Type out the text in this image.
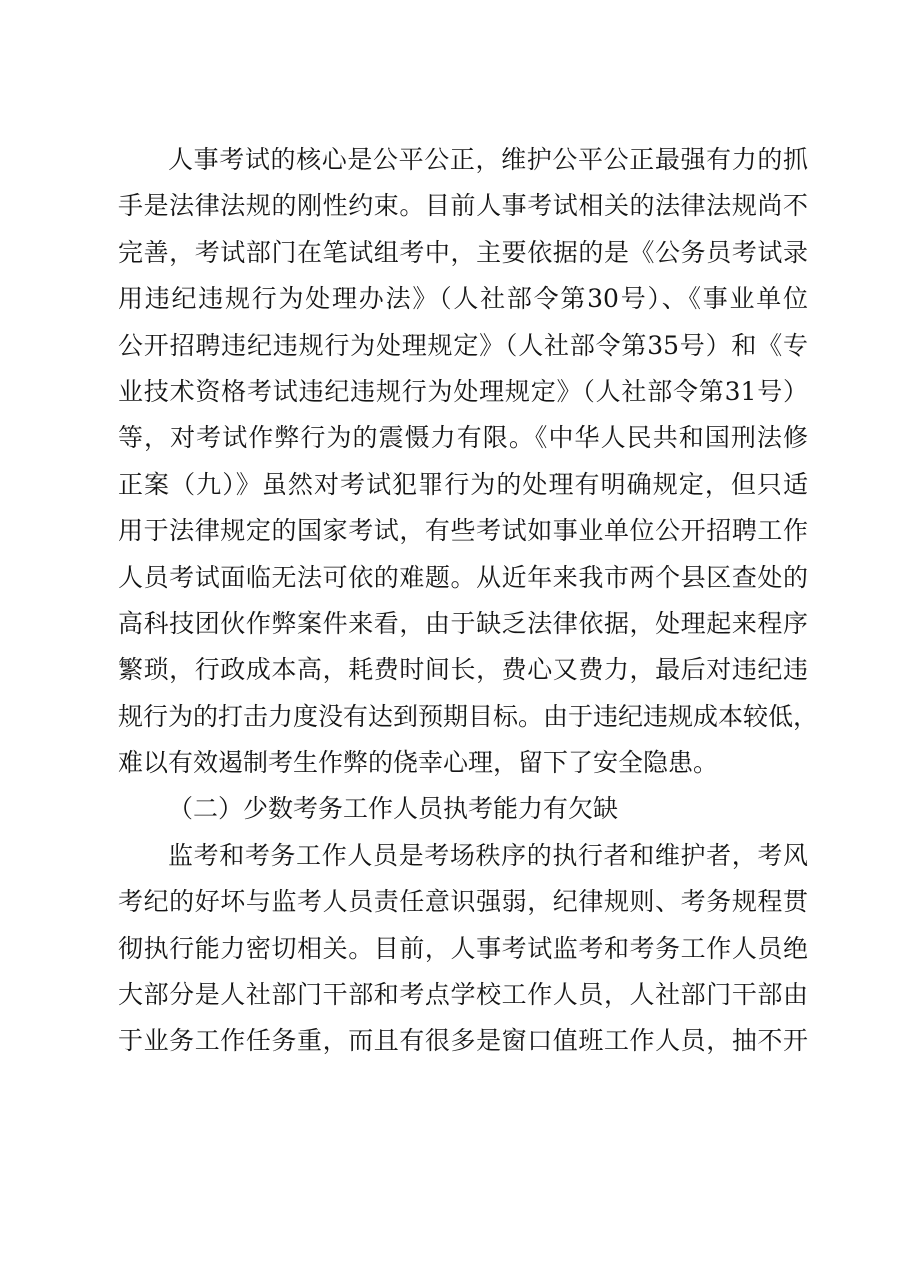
人事考试的核心是公平公正，维护公平公正最强有力的抓
手是法律法规的刚性约束。目前人事考试相关的法律法规尚不
完善，考试部门在笔试组考中，主要依据的是《公务员考试录
用违纪违规行为处理办法》（人社部令第30号）、《事业单位
公开招聘违纪违规行为处理规定》（人社部令第35号）和《专
业技术资格考试违纪违规行为处理规定》（人社部令第31号）
等，对考试作弊行为的震慑力有限。《中华人民共和国刑法修
正案（九）》虽然对考试犯罪行为的处理有明确规定，但只适
用于法律规定的国家考试，有些考试如事业单位公开招聘工作
人员考试面临无法可依的难题。从近年来我市两个县区查处的
高科技团伙作弊案件来看，由于缺乏法律依据，处理起来程序
繁琐，行政成本高，耗费时间长，费心又费力，最后对违纪违
规行为的打击力度没有达到预期目标。由于违纪违规成本较低，
难以有效遏制考生作弊的侥幸心理，留下了安全隐患。
（二）少数考务工作人员执考能力有欠缺
监考和考务工作人员是考场秩序的执行者和维护者，考风
考纪的好坏与监考人员责任意识强弱，纪律规则、考务规程贯
彻执行能力密切相关。目前，人事考试监考和考务工作人员绝
大部分是人社部门干部和考点学校工作人员，人社部门干部由
于业务工作任务重，而且有很多是窗口值班工作人员，抽不开
